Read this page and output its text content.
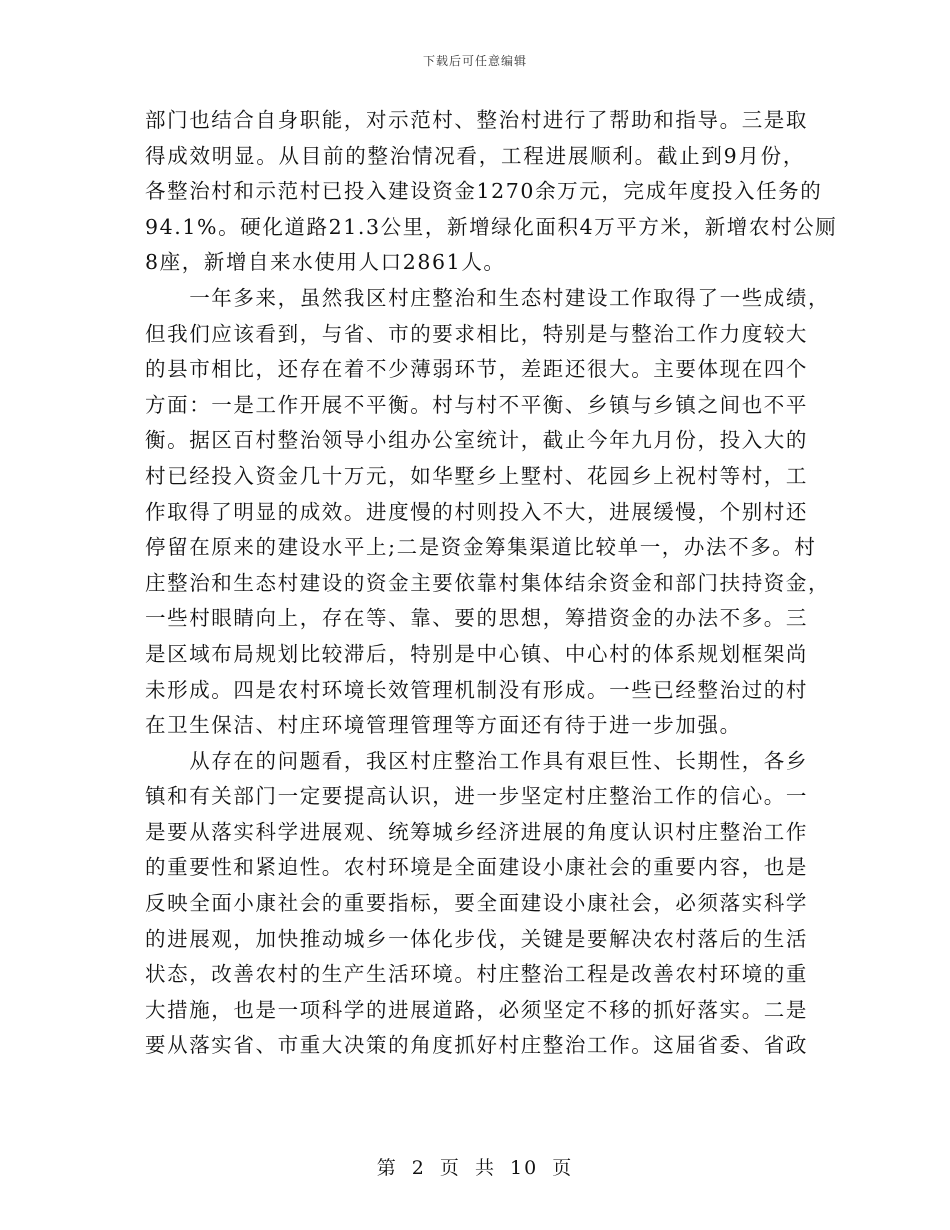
下载后可任意编辑
部门也结合自身职能，对示范村、整治村进行了帮助和指导。三是取
得成效明显。从目前的整治情况看，工程进展顺利。截止到9月份，
各整治村和示范村已投入建设资金1270余万元，完成年度投入任务的
94.1%。硬化道路21.3公里，新增绿化面积4万平方米，新增农村公厕
8座，新增自来水使用人口2861人。
　　一年多来，虽然我区村庄整治和生态村建设工作取得了一些成绩，
但我们应该看到，与省、市的要求相比，特别是与整治工作力度较大
的县市相比，还存在着不少薄弱环节，差距还很大。主要体现在四个
方面：一是工作开展不平衡。村与村不平衡、乡镇与乡镇之间也不平
衡。据区百村整治领导小组办公室统计，截止今年九月份，投入大的
村已经投入资金几十万元，如华墅乡上墅村、花园乡上祝村等村，工
作取得了明显的成效。进度慢的村则投入不大，进展缓慢，个别村还
停留在原来的建设水平上;二是资金筹集渠道比较单一，办法不多。村
庄整治和生态村建设的资金主要依靠村集体结余资金和部门扶持资金，
一些村眼睛向上，存在等、靠、要的思想，筹措资金的办法不多。三
是区域布局规划比较滞后，特别是中心镇、中心村的体系规划框架尚
未形成。四是农村环境长效管理机制没有形成。一些已经整治过的村
在卫生保洁、村庄环境管理管理等方面还有待于进一步加强。
　　从存在的问题看，我区村庄整治工作具有艰巨性、长期性，各乡
镇和有关部门一定要提高认识，进一步坚定村庄整治工作的信心。一
是要从落实科学进展观、统筹城乡经济进展的角度认识村庄整治工作
的重要性和紧迫性。农村环境是全面建设小康社会的重要内容，也是
反映全面小康社会的重要指标，要全面建设小康社会，必须落实科学
的进展观，加快推动城乡一体化步伐，关键是要解决农村落后的生活
状态，改善农村的生产生活环境。村庄整治工程是改善农村环境的重
大措施，也是一项科学的进展道路，必须坚定不移的抓好落实。二是
要从落实省、市重大决策的角度抓好村庄整治工作。这届省委、省政
第 2 页 共 10 页
